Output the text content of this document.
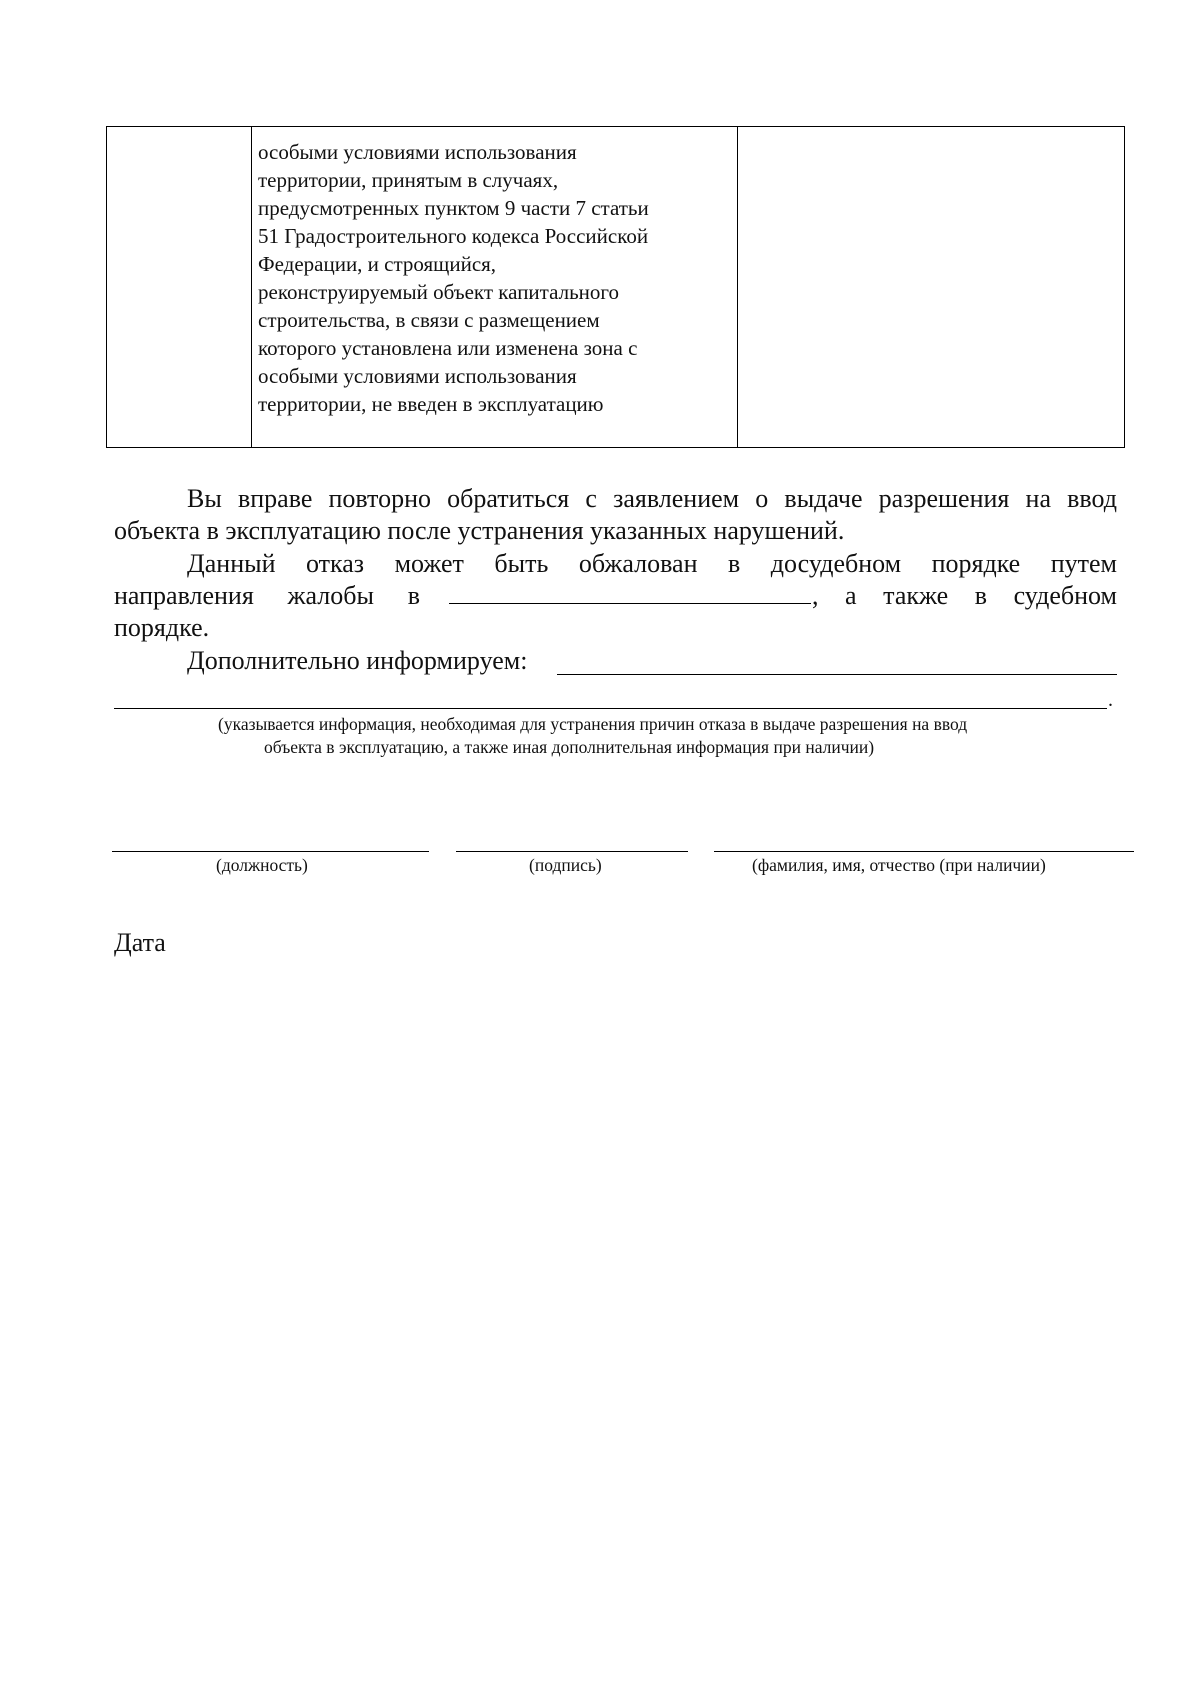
особыми условиями использования
территории, принятым в случаях,
предусмотренных пунктом 9 части 7 статьи
51 Градостроительного кодекса Российской
Федерации, и строящийся,
реконструируемый объект капитального
строительства, в связи с размещением
которого установлена или изменена зона с
особыми условиями использования
территории, не введен в эксплуатацию
Вы вправе повторно обратиться с заявлением о выдаче разрешения на ввод
объекта в эксплуатацию после устранения указанных нарушений.
Данный отказ может быть обжалован в досудебном порядке путем
направления жалобы в	, а также в судебном
порядке.
Дополнительно информируем:
.
(указывается информация, необходимая для устранения причин отказа в выдаче разрешения на ввод
объекта в эксплуатацию, а также иная дополнительная информация при наличии)
(должность)	(подпись)	(фамилия, имя, отчество (при наличии)
Дата
